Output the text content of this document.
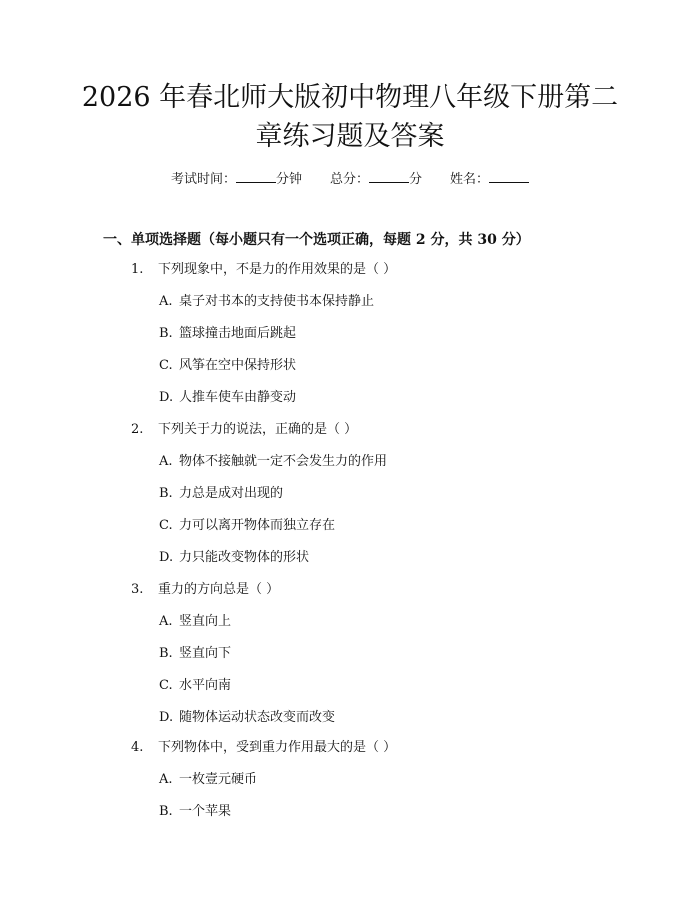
2026 年春北师大版初中物理八年级下册第二
章练习题及答案
考试时间：	分钟 总分：	分 姓名：
一、单项选择题（每小题只有一个选项正确，每题 2 分，共 30 分）
1. 下列现象中，不是力的作用效果的是（ ）
A. 桌子对书本的支持使书本保持静止
B. 篮球撞击地面后跳起
C. 风筝在空中保持形状
D. 人推车使车由静变动
2. 下列关于力的说法，正确的是（ ）
A. 物体不接触就一定不会发生力的作用
B. 力总是成对出现的
C. 力可以离开物体而独立存在
D. 力只能改变物体的形状
3. 重力的方向总是（ ）
A. 竖直向上
B. 竖直向下
C. 水平向南
D. 随物体运动状态改变而改变
4. 下列物体中，受到重力作用最大的是（ ）
A. 一枚壹元硬币
B. 一个苹果
